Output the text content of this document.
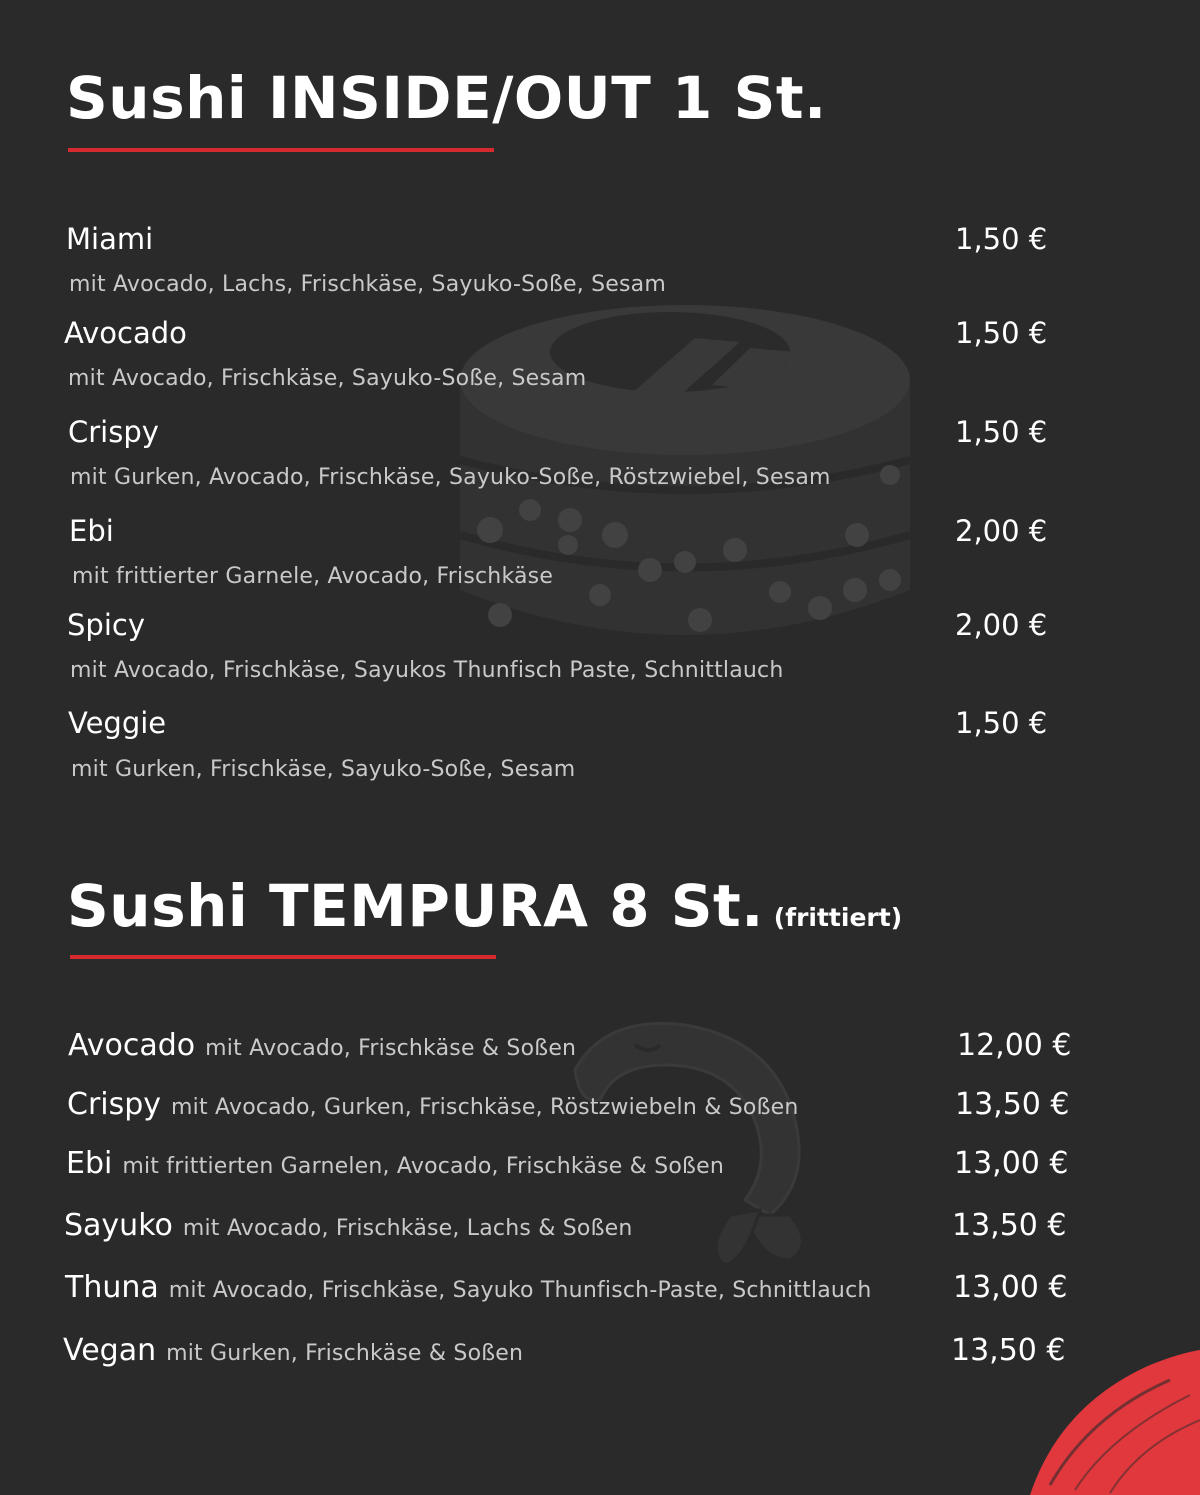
Sushi INSIDE/OUT 1 St.
Miami
mit Avocado, Lachs, Frischkäse, Sayuko-Soße, Sesam
1,50 €
Avocado
mit Avocado, Frischkäse, Sayuko-Soße, Sesam
1,50 €
Crispy
mit Gurken, Avocado, Frischkäse, Sayuko-Soße, Röstzwiebel, Sesam
1,50 €
Ebi
mit frittierter Garnele, Avocado, Frischkäse
2,00 €
Spicy
mit Avocado, Frischkäse, Sayukos Thunfisch Paste, Schnittlauch
2,00 €
Veggie
mit Gurken, Frischkäse, Sayuko-Soße, Sesam
1,50 €
Sushi TEMPURA 8 St. (frittiert)
Avocado mit Avocado, Frischkäse & Soßen	12,00 €
Crispy mit Avocado, Gurken, Frischkäse, Röstzwiebeln & Soßen	13,50 €
Ebi mit frittierten Garnelen, Avocado, Frischkäse & Soßen	13,00 €
Sayuko mit Avocado, Frischkäse, Lachs & Soßen	13,50 €
Thuna mit Avocado, Frischkäse, Sayuko Thunfisch-Paste, Schnittlauch	13,00 €
Vegan mit Gurken, Frischkäse & Soßen	13,50 €
